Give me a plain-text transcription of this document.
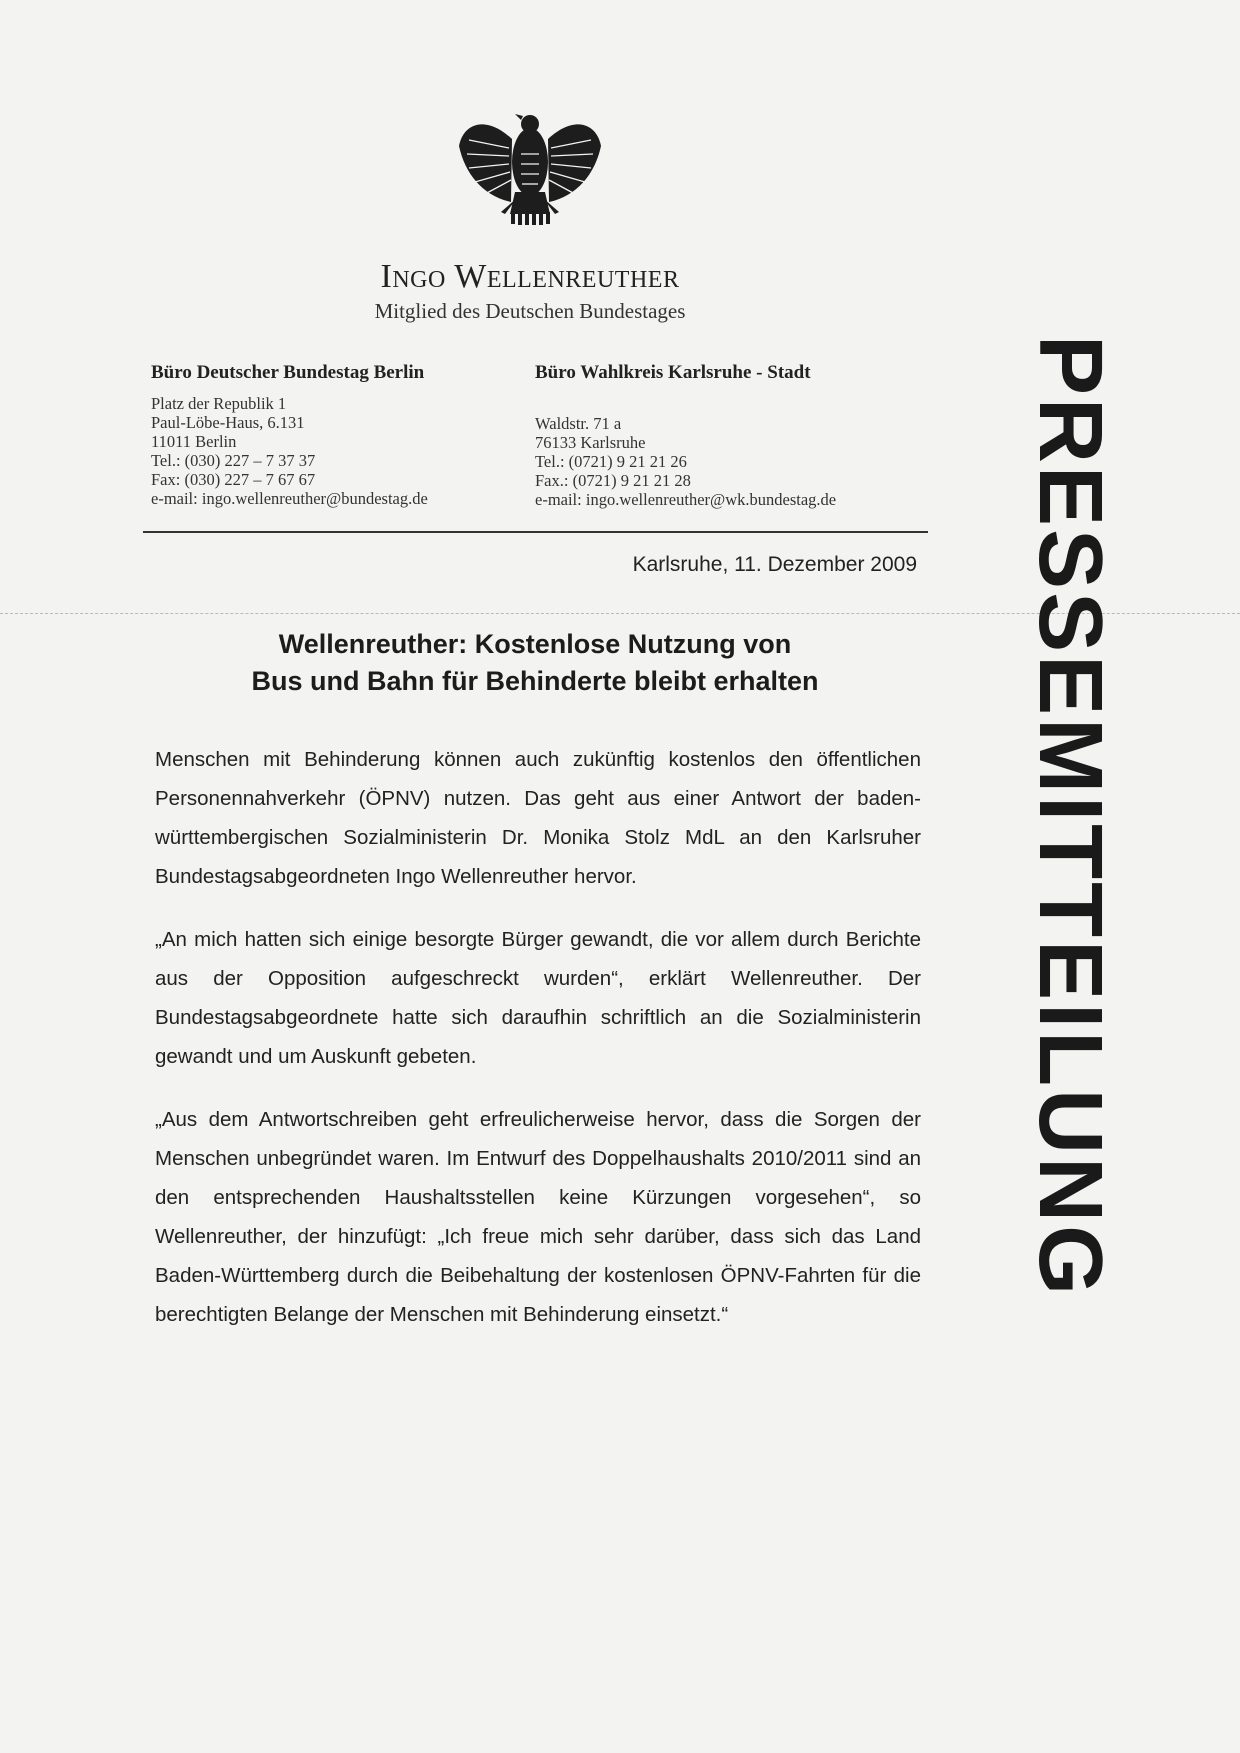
Ingo Wellenreuther
Mitglied des Deutschen Bundestages
Büro Deutscher Bundestag Berlin
Platz der Republik 1
Paul-Löbe-Haus, 6.131
11011 Berlin
Tel.: (030) 227 – 7 37 37
Fax: (030) 227 – 7 67 67
e-mail: ingo.wellenreuther@bundestag.de
Büro Wahlkreis Karlsruhe - Stadt
Waldstr. 71 a
76133 Karlsruhe
Tel.: (0721) 9 21 21 26
Fax.: (0721) 9 21 21 28
e-mail: ingo.wellenreuther@wk.bundestag.de
Karlsruhe, 11. Dezember 2009
Wellenreuther: Kostenlose Nutzung von
Bus und Bahn für Behinderte bleibt erhalten

Menschen mit Behinderung können auch zukünftig kostenlos den öffentlichen Personennahverkehr (ÖPNV) nutzen. Das geht aus einer Antwort der baden-württembergischen Sozialministerin Dr. Monika Stolz MdL an den Karlsruher Bundestagsabgeordneten Ingo Wellenreuther hervor.

„An mich hatten sich einige besorgte Bürger gewandt, die vor allem durch Berichte aus der Opposition aufgeschreckt wurden“, erklärt Wellenreuther. Der Bundestagsabgeordnete hatte sich daraufhin schriftlich an die Sozialministerin gewandt und um Auskunft gebeten.

„Aus dem Antwortschreiben geht erfreulicherweise hervor, dass die Sorgen der Menschen unbegründet waren. Im Entwurf des Doppelhaushalts 2010/2011 sind an den entsprechenden Haushaltsstellen keine Kürzungen vorgesehen“, so Wellenreuther, der hinzufügt: „Ich freue mich sehr darüber, dass sich das Land Baden-Württemberg durch die Beibehaltung der kostenlosen ÖPNV-Fahrten für die berechtigten Belange der Menschen mit Behinderung einsetzt.“

PRESSEMITTEILUNG
